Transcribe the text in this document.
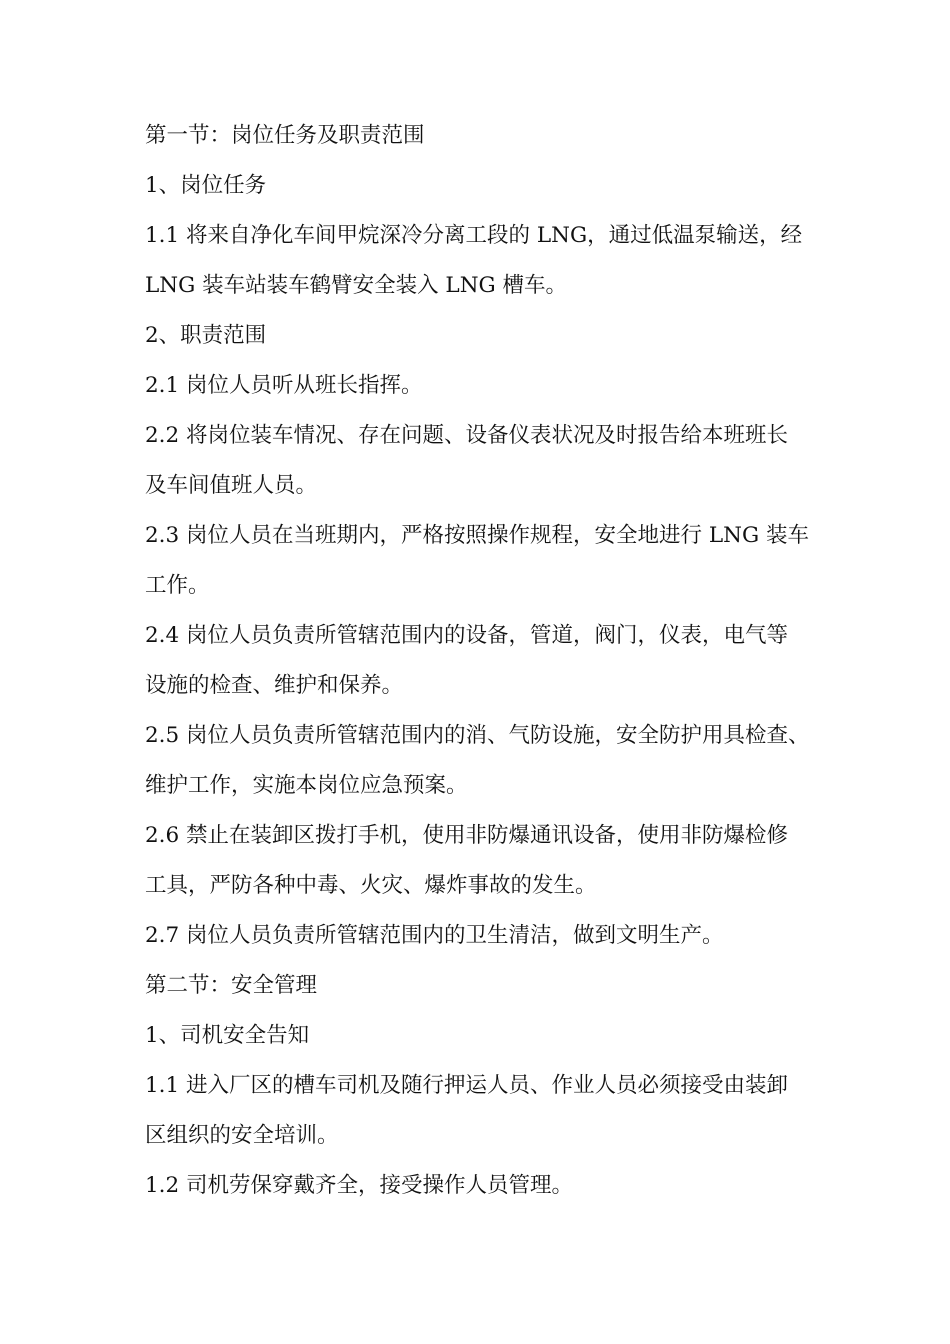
第一节：岗位任务及职责范围
1、岗位任务
1.1 将来自净化车间甲烷深冷分离工段的 LNG，通过低温泵输送，经
LNG 装车站装车鹤臂安全装入 LNG 槽车。
2、职责范围
2.1 岗位人员听从班长指挥。
2.2 将岗位装车情况、存在问题、设备仪表状况及时报告给本班班长
及车间值班人员。
2.3 岗位人员在当班期内，严格按照操作规程，安全地进行 LNG 装车
工作。
2.4 岗位人员负责所管辖范围内的设备，管道，阀门，仪表，电气等
设施的检查、维护和保养。
2.5 岗位人员负责所管辖范围内的消、气防设施，安全防护用具检查、
维护工作，实施本岗位应急预案。
2.6 禁止在装卸区拨打手机，使用非防爆通讯设备，使用非防爆检修
工具，严防各种中毒、火灾、爆炸事故的发生。
2.7 岗位人员负责所管辖范围内的卫生清洁，做到文明生产。
第二节：安全管理
1、司机安全告知
1.1 进入厂区的槽车司机及随行押运人员、作业人员必须接受由装卸
区组织的安全培训。
1.2 司机劳保穿戴齐全，接受操作人员管理。
